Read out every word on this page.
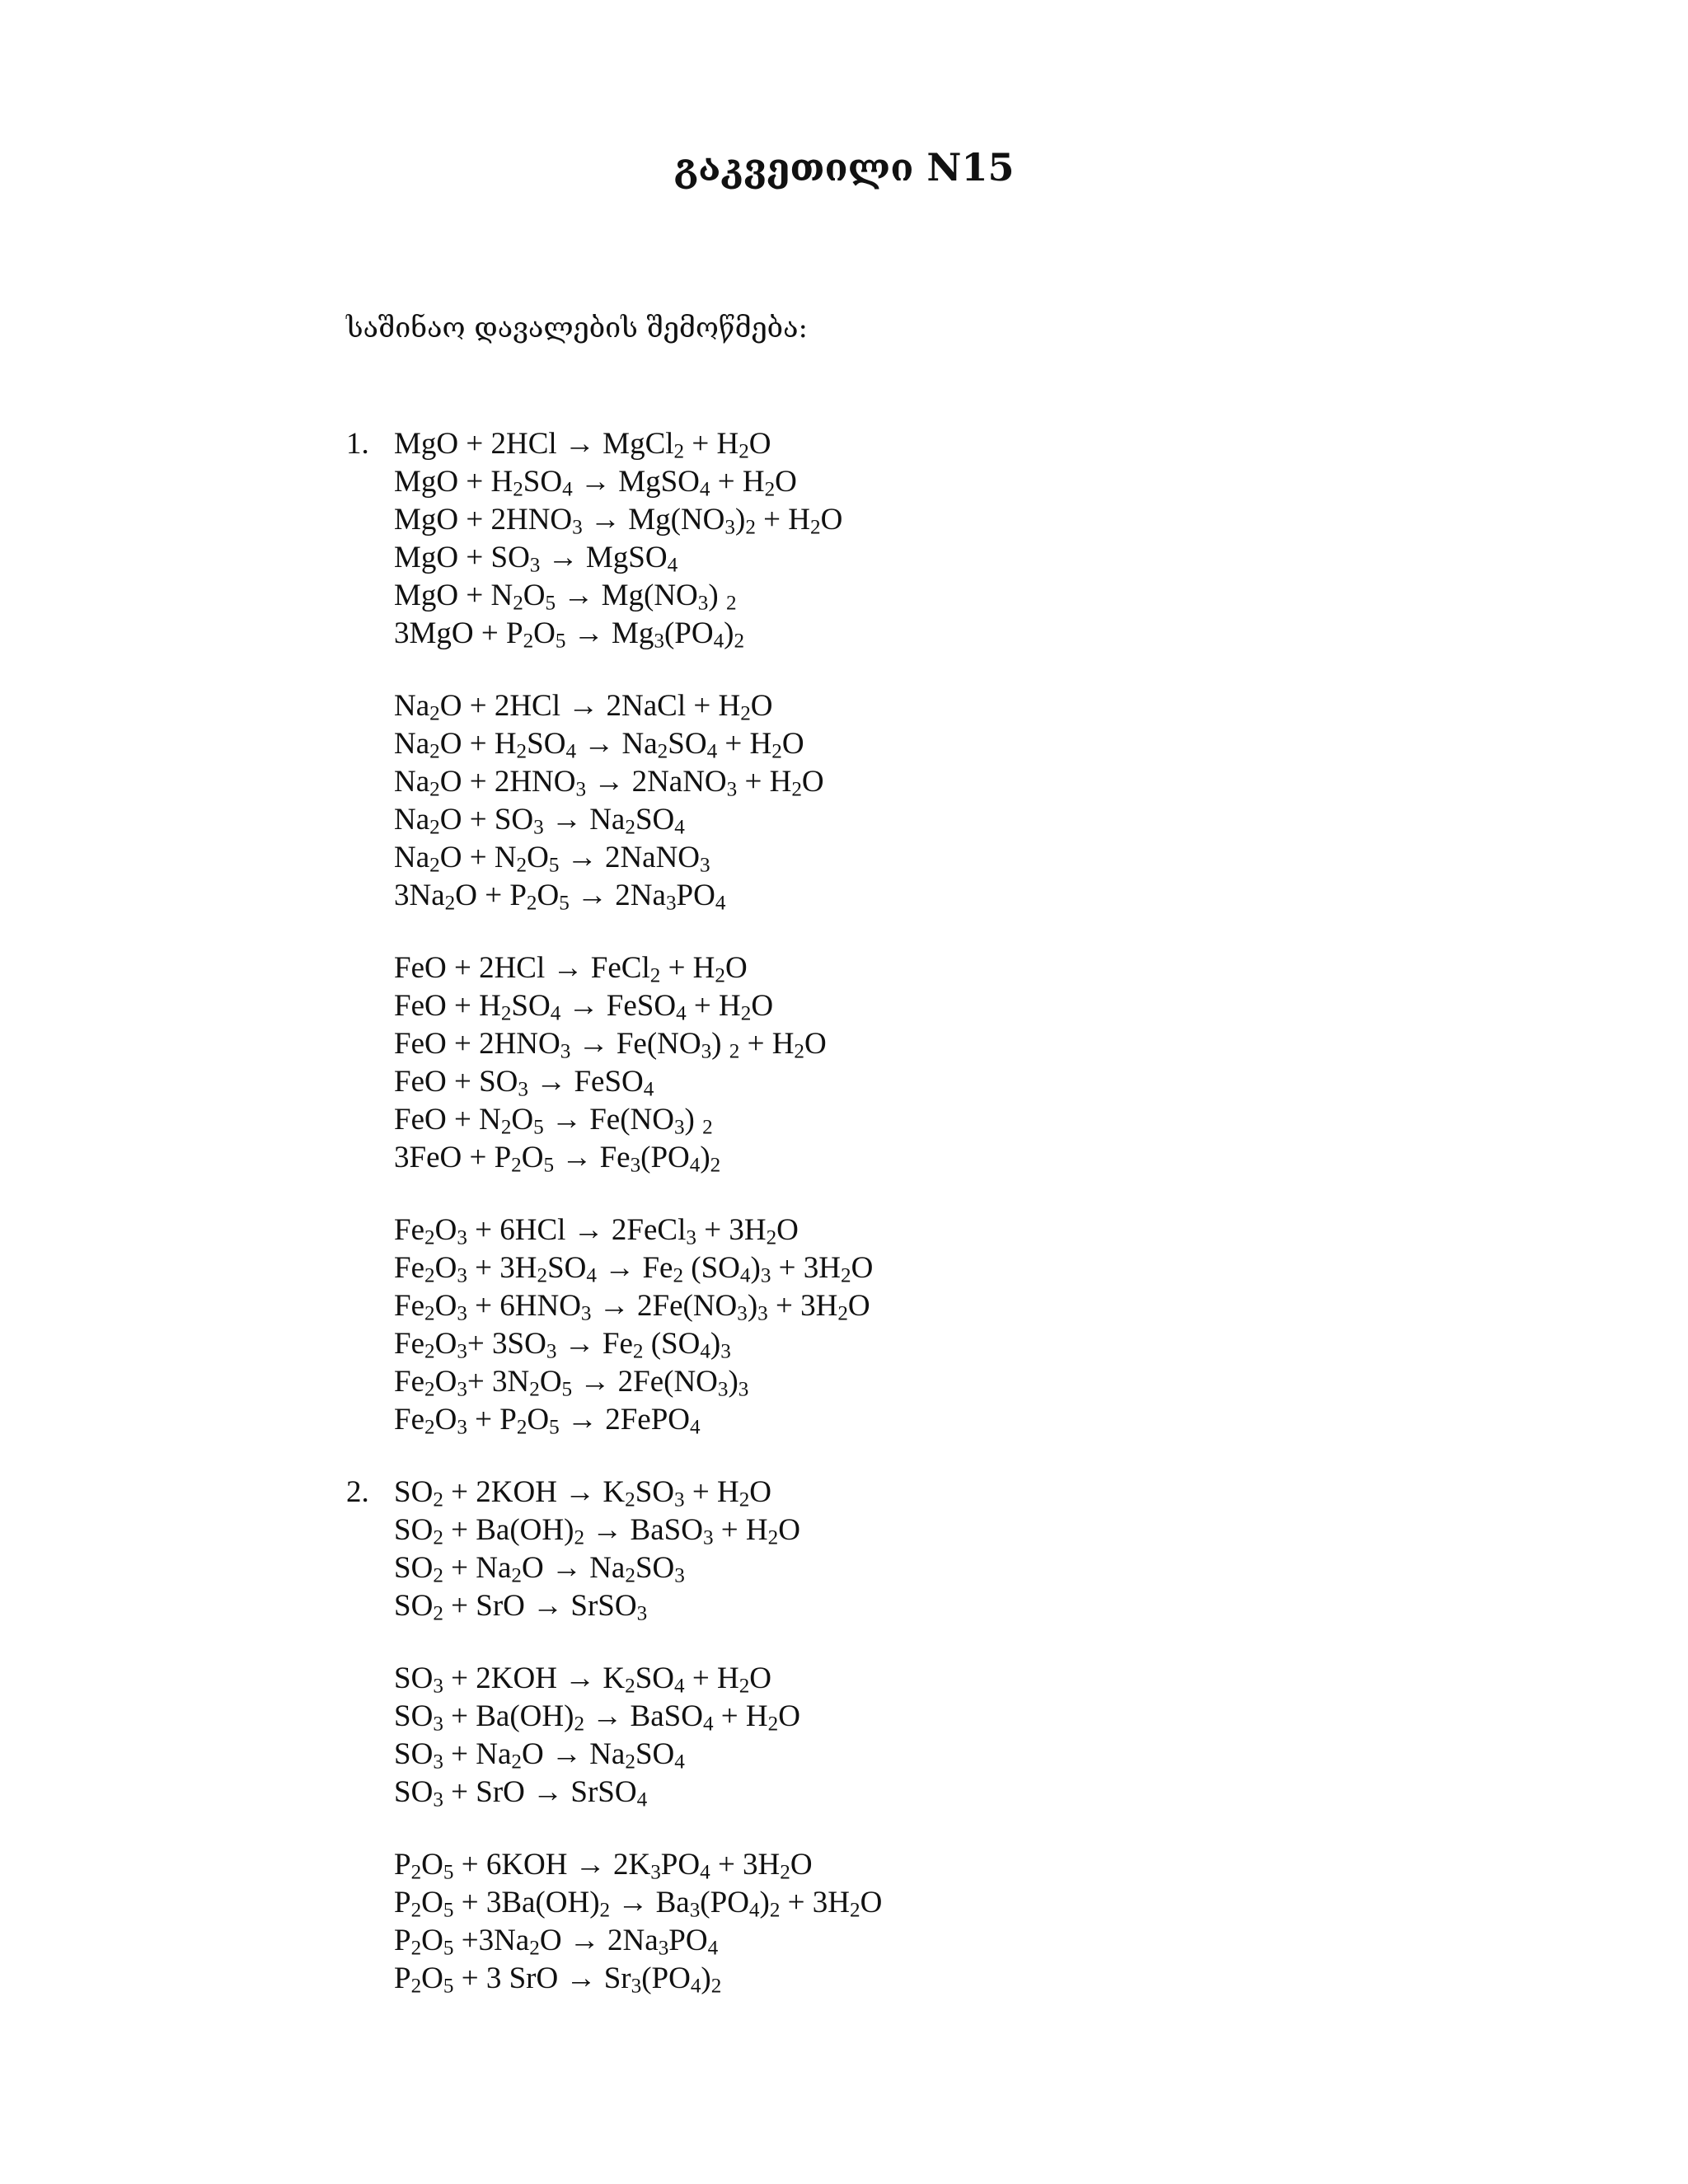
გაკვეთილი N15
საშინაო დავალების შემოწმება:
1. MgO + 2HCl → MgCl$_2$ + $H_2O$
MgO + $H_2SO_4$ → MgSO$_4$ + $H_2O$
MgO + $2HNO_3 \to Mg(NO_3)_2 + H_2O$
MgO + $SO_3$ → MgSO$_4$
MgO + $N_2O_5 \to Mg(NO_3)$ $_2$
$3MgO + P_2O_5 \to Mg_3(PO_4)_2$
$Na_2O + 2HCl$ → 2NaCl + $H_2O$
$Na_2O + H_2SO_4 \to Na_2SO_4 + H_2O$
$Na_2O + 2HNO_3$ → 2NaNO$_3$ + $H_2O$
$Na_2O + SO_3 \to Na_2SO_4$
$Na_2O + N_2O_5$ → 2NaNO$_3$
$3Na_2O + P_2O_5 \to 2Na_3PO_4$
FeO + 2HCl → FeCl$_2$ + $H_2O$
FeO + $H_2SO_4$ → FeSO$_4$ + $H_2O$
FeO + $2HNO_3 \to Fe(NO_3) _2 + H_2O$
FeO + $SO_3$ → FeSO$_4$
FeO + $N_2O_5 \to Fe(NO_3)$ $_2$
$3FeO + P_2O_5 \to Fe_3(PO_4)_2$
$Fe_2O_3 + 6HCl$ → 2FeCl$_3$ + $3H_2O$
$Fe_2O_3 + 3H_2SO_4 \to Fe_2$ $(SO_4)_3 + 3H_2O$
$Fe_2O_3 + 6HNO_3 \to 2Fe(NO_3)_3 + 3H_2O$
$Fe_2O_3+ 3SO_3 \to Fe_2$ $(SO_4)_3$
$Fe_2O_3+ 3N_2O_5 \to 2Fe(NO_3)_3$
$Fe_2O_3 + P_2O_5$ → 2FePO$_4$
2. $SO_2 + 2KOH \to K_2SO_3 + H_2O$
$SO_2 + Ba(OH)_2$ → BaSO$_3$ + $H_2O$
$SO_2 + Na_2O \to Na_2SO_3$
$SO_2$ + SrO → SrSO$_3$
$SO_3 + 2KOH \to K_2SO_4 + H_2O$
$SO_3 + Ba(OH)_2$ → BaSO$_4$ + $H_2O$
$SO_3 + Na_2O \to Na_2SO_4$
$SO_3$ + SrO → SrSO$_4$
$P_2O_5 + 6KOH \to 2K_3PO_4 + 3H_2O$
$P_2O_5 + 3Ba(OH)_2 \to Ba_3(PO_4)_2 + 3H_2O$
$P_2O_5 +3Na_2O \to 2Na_3PO_4$
$P_2O_5 + 3$ SrO → $Sr_3(PO_4)_2$
